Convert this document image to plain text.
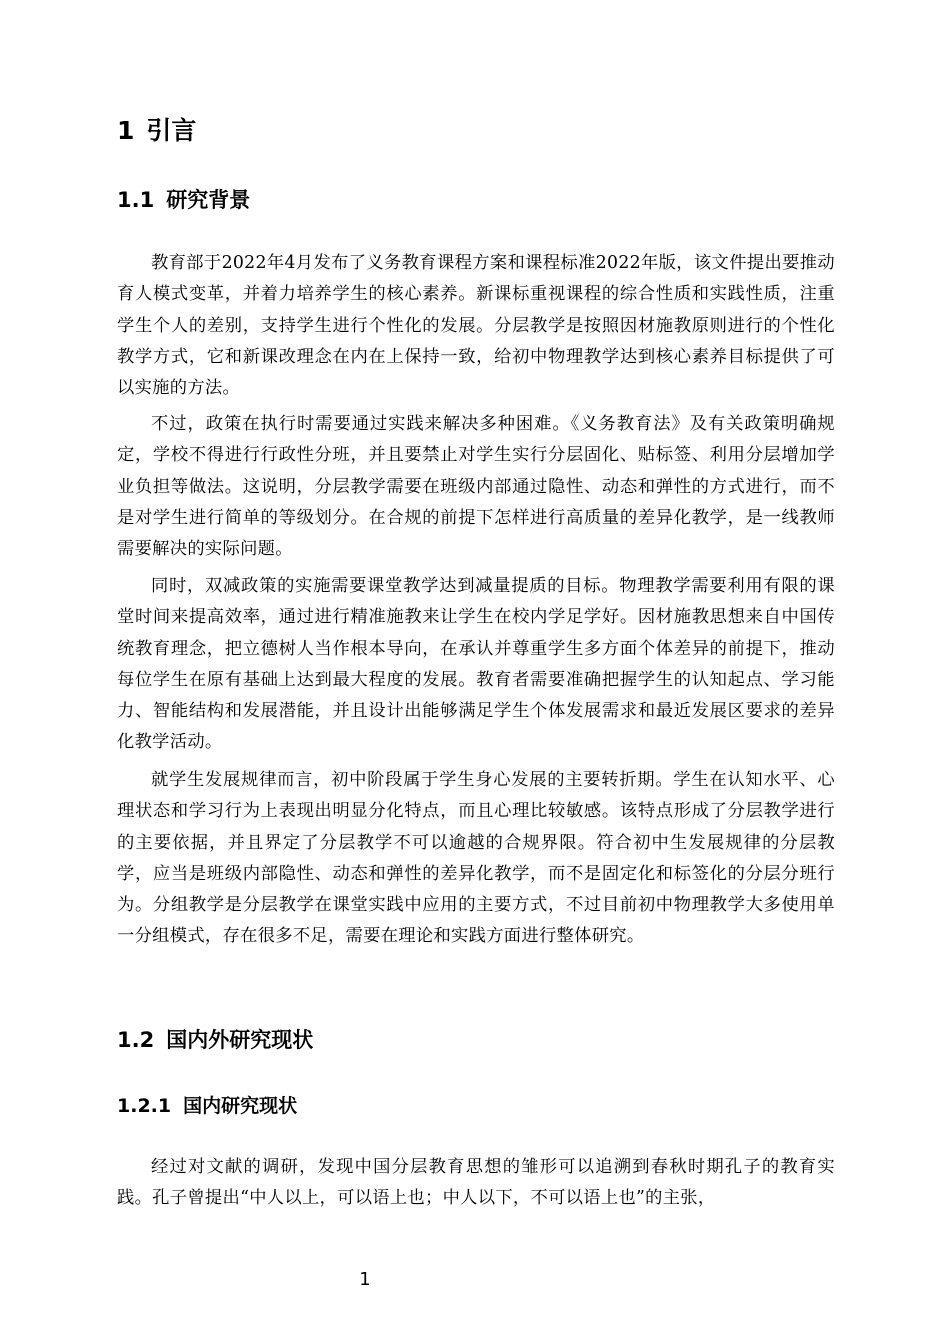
1 引言
1.1 研究背景

教育部于2022年4月发布了义务教育课程方案和课程标准2022年版，该文件提出要推动育人模式变革，并着力培养学生的核心素养。新课标重视课程的综合性质和实践性质，注重学生个人的差别，支持学生进行个性化的发展。分层教学是按照因材施教原则进行的个性化教学方式，它和新课改理念在内在上保持一致，给初中物理教学达到核心素养目标提供了可以实施的方法。

不过，政策在执行时需要通过实践来解决多种困难。《义务教育法》及有关政策明确规定，学校不得进行行政性分班，并且要禁止对学生实行分层固化、贴标签、利用分层增加学业负担等做法。这说明，分层教学需要在班级内部通过隐性、动态和弹性的方式进行，而不是对学生进行简单的等级划分。在合规的前提下怎样进行高质量的差异化教学，是一线教师需要解决的实际问题。

同时，双减政策的实施需要课堂教学达到减量提质的目标。物理教学需要利用有限的课堂时间来提高效率，通过进行精准施教来让学生在校内学足学好。因材施教思想来自中国传统教育理念，把立德树人当作根本导向，在承认并尊重学生多方面个体差异的前提下，推动每位学生在原有基础上达到最大程度的发展。教育者需要准确把握学生的认知起点、学习能力、智能结构和发展潜能，并且设计出能够满足学生个体发展需求和最近发展区要求的差异化教学活动。

就学生发展规律而言，初中阶段属于学生身心发展的主要转折期。学生在认知水平、心理状态和学习行为上表现出明显分化特点，而且心理比较敏感。该特点形成了分层教学进行的主要依据，并且界定了分层教学不可以逾越的合规界限。符合初中生发展规律的分层教学，应当是班级内部隐性、动态和弹性的差异化教学，而不是固定化和标签化的分层分班行为。分组教学是分层教学在课堂实践中应用的主要方式，不过目前初中物理教学大多使用单一分组模式，存在很多不足，需要在理论和实践方面进行整体研究。

1.2 国内外研究现状
1.2.1 国内研究现状

经过对文献的调研，发现中国分层教育思想的雏形可以追溯到春秋时期孔子的教育实践。孔子曾提出“中人以上，可以语上也；中人以下，不可以语上也”的主张，

1
